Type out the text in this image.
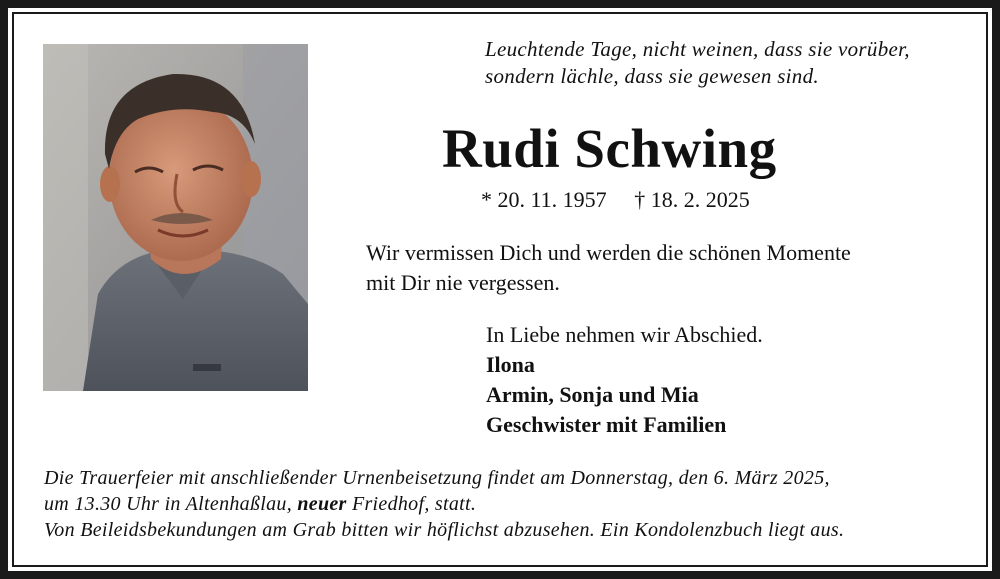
Leuchtende Tage, nicht weinen, dass sie vorüber,
sondern lächle, dass sie gewesen sind.
Rudi Schwing
* 20. 11. 1957 † 18. 2. 2025
Wir vermissen Dich und werden die schönen Momente
mit Dir nie vergessen.
In Liebe nehmen wir Abschied.
Ilona
Armin, Sonja und Mia
Geschwister mit Familien
Die Trauerfeier mit anschließender Urnenbeisetzung findet am Donnerstag, den 6. März 2025,
um 13.30 Uhr in Altenhaßlau, neuer Friedhof, statt.
Von Beileidsbekundungen am Grab bitten wir höflichst abzusehen. Ein Kondolenzbuch liegt aus.
